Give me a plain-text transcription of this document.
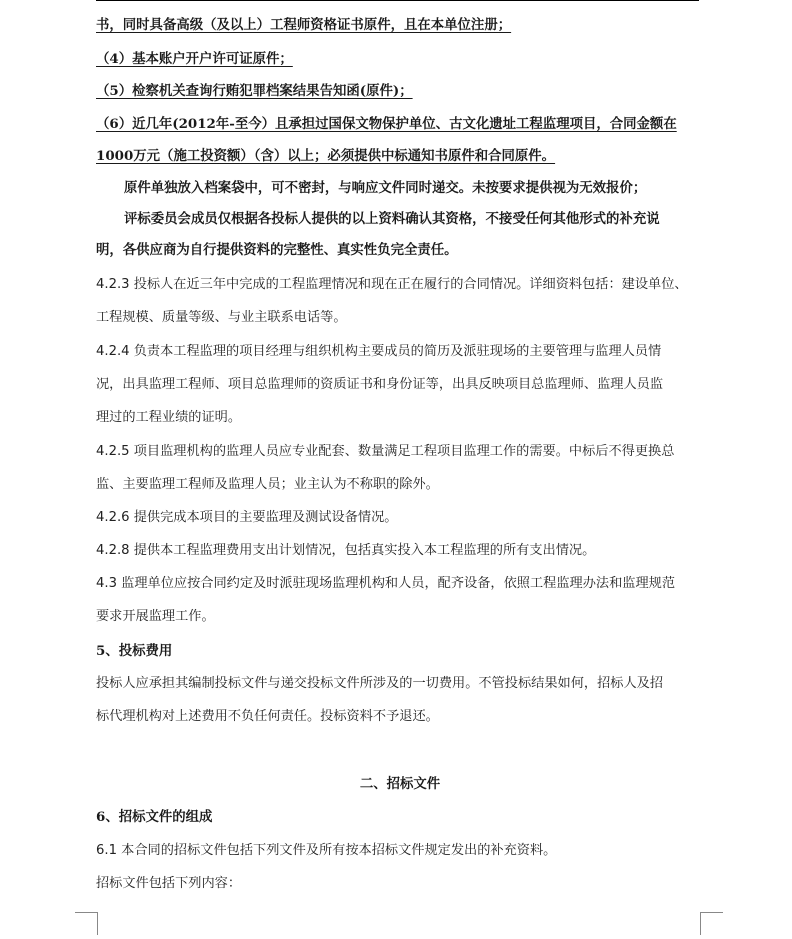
书，同时具备高级（及以上）工程师资格证书原件，且在本单位注册；
（4）基本账户开户许可证原件；
（5）检察机关查询行贿犯罪档案结果告知函(原件)；
（6）近几年(2012年-至今）且承担过国保文物保护单位、古文化遗址工程监理项目，合同金额在
1000万元（施工投资额）（含）以上；必须提供中标通知书原件和合同原件。
原件单独放入档案袋中，可不密封，与响应文件同时递交。未按要求提供视为无效报价；
评标委员会成员仅根据各投标人提供的以上资料确认其资格，不接受任何其他形式的补充说
明，各供应商为自行提供资料的完整性、真实性负完全责任。
4.2.3 投标人在近三年中完成的工程监理情况和现在正在履行的合同情况。详细资料包括：建设单位、
工程规模、质量等级、与业主联系电话等。
4.2.4 负责本工程监理的项目经理与组织机构主要成员的简历及派驻现场的主要管理与监理人员情
况，出具监理工程师、项目总监理师的资质证书和身份证等，出具反映项目总监理师、监理人员监
理过的工程业绩的证明。
4.2.5 项目监理机构的监理人员应专业配套、数量满足工程项目监理工作的需要。中标后不得更换总
监、主要监理工程师及监理人员；业主认为不称职的除外。
4.2.6 提供完成本项目的主要监理及测试设备情况。
4.2.8 提供本工程监理费用支出计划情况，包括真实投入本工程监理的所有支出情况。
4.3 监理单位应按合同约定及时派驻现场监理机构和人员，配齐设备，依照工程监理办法和监理规范
要求开展监理工作。
5、投标费用
投标人应承担其编制投标文件与递交投标文件所涉及的一切费用。不管投标结果如何，招标人及招
标代理机构对上述费用不负任何责任。投标资料不予退还。
二、招标文件
6、招标文件的组成
6.1 本合同的招标文件包括下列文件及所有按本招标文件规定发出的补充资料。
招标文件包括下列内容：
